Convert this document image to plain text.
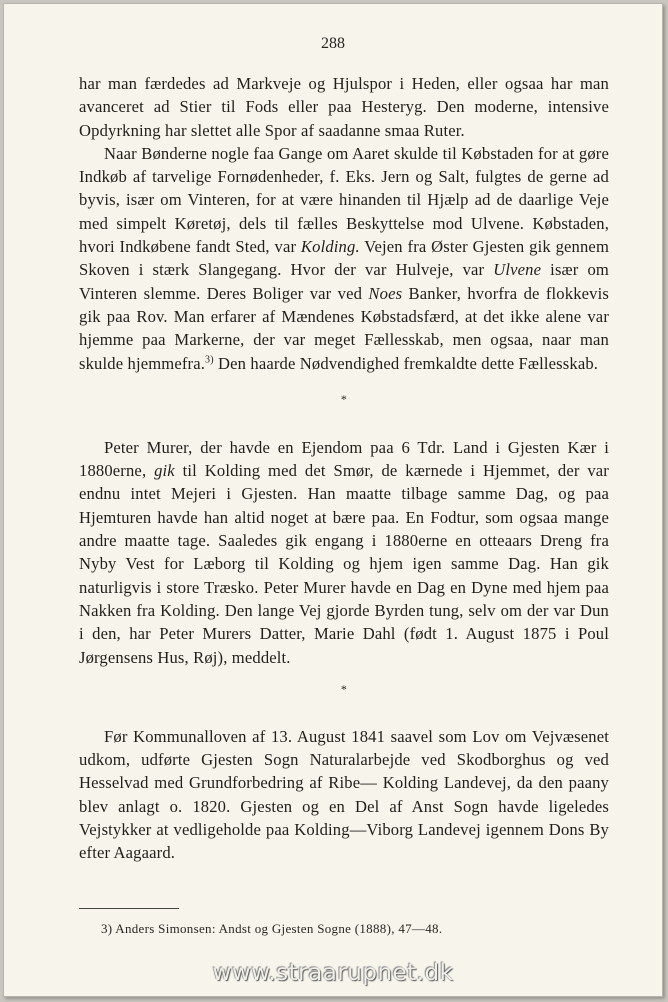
288

har man færdedes ad Markveje og Hjulspor i Heden, eller ogsaa har man avanceret ad Stier til Fods eller paa Hesteryg. Den moderne, intensive Opdyrkning har slettet alle Spor af saadanne smaa Ruter.

Naar Bønderne nogle faa Gange om Aaret skulde til Købstaden for at gøre Indkøb af tarvelige Fornødenheder, f. Eks. Jern og Salt, fulgtes de gerne ad byvis, især om Vinteren, for at være hinanden til Hjælp ad de daarlige Veje med simpelt Køretøj, dels til fælles Beskyttelse mod Ulvene. Købstaden, hvori Indkøbene fandt Sted, var Kolding. Vejen fra Øster Gjesten gik gennem Skoven i stærk Slangegang. Hvor der var Hulveje, var Ulvene især om Vinteren slemme. Deres Boliger var ved Noes Banker, hvorfra de flokkevis gik paa Rov. Man erfarer af Mændenes Købstadsfærd, at det ikke alene var hjemme paa Markerne, der var meget Fællesskab, men ogsaa, naar man skulde hjemmefra.$^{3)}$ Den haarde Nødvendighed fremkaldte dette Fællesskab.

*

Peter Murer, der havde en Ejendom paa 6 Tdr. Land i Gjesten Kær i 1880erne, gik til Kolding med det Smør, de kærnede i Hjemmet, der var endnu intet Mejeri i Gjesten. Han maatte tilbage samme Dag, og paa Hjemturen havde han altid noget at bære paa. En Fodtur, som ogsaa mange andre maatte tage. Saaledes gik engang i 1880erne en otteaars Dreng fra Nyby Vest for Læborg til Kolding og hjem igen samme Dag. Han gik naturligvis i store Træsko. Peter Murer havde en Dag en Dyne med hjem paa Nakken fra Kolding. Den lange Vej gjorde Byrden tung, selv om der var Dun i den, har Peter Murers Datter, Marie Dahl (født 1. August 1875 i Poul Jørgensens Hus, Røj), meddelt.

*

Før Kommunalloven af 13. August 1841 saavel som Lov om Vejvæsenet udkom, udførte Gjesten Sogn Naturalarbejde ved Skodborghus og ved Hesselvad med Grundforbedring af Ribe— Kolding Landevej, da den paany blev anlagt o. 1820. Gjesten og en Del af Anst Sogn havde ligeledes Vejstykker at vedligeholde paa Kolding—Viborg Landevej igennem Dons By efter Aagaard.

3) Anders Simonsen: Andst og Gjesten Sogne (1888), 47—48.
www.straarupnet.dk
